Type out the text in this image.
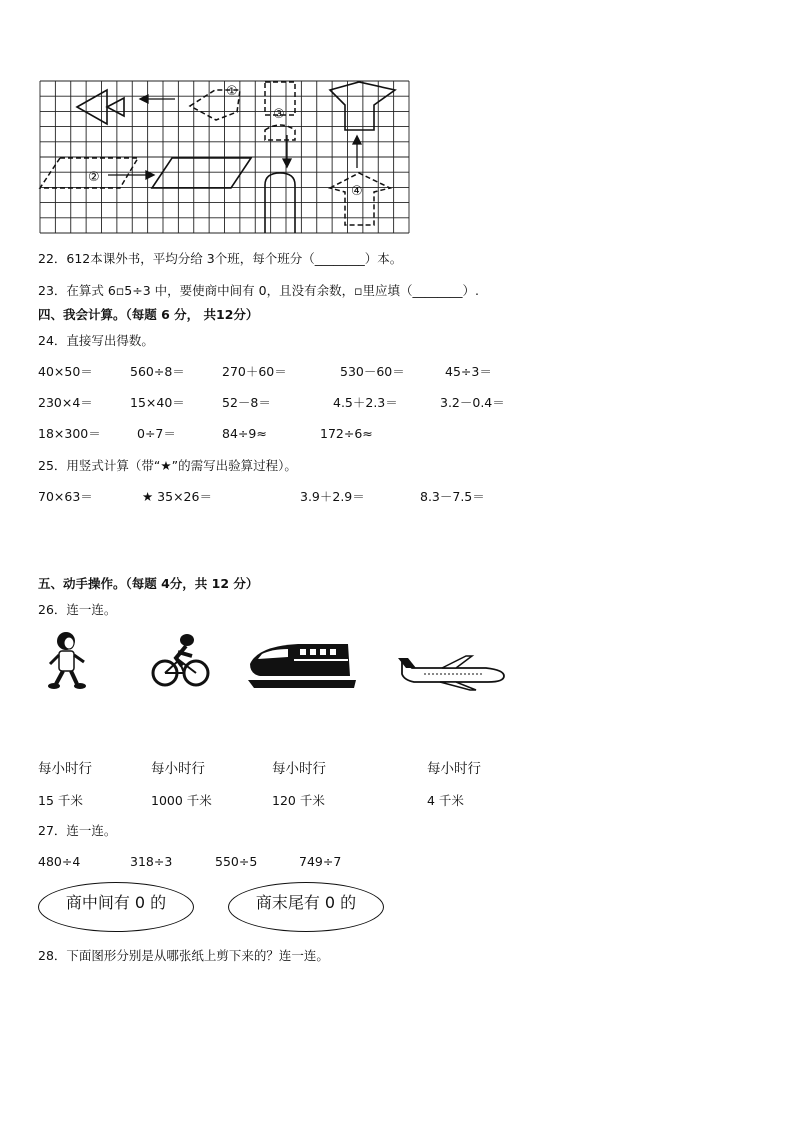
①
②
③
④
22．612本课外书，平均分给 3个班，每个班分（________）本。
23．在算式 6▫5÷3 中，要使商中间有 0，且没有余数，▫里应填（________）.
四、我会计算。（每题 6 分， 共12分）
24．直接写出得数。
40×50＝	560÷8＝	270＋60＝	530－60＝	45÷3＝
230×4＝	15×40＝	52－8＝	4.5＋2.3＝	3.2－0.4＝
18×300＝	0÷7＝	84÷9≈	172÷6≈
25．用竖式计算（带“★”的需写出验算过程）。
70×63＝	★ 35×26＝	3.9＋2.9＝	8.3－7.5＝
五、动手操作。（每题 4分，共 12 分）
26．连一连。
每小时行	每小时行	每小时行	每小时行
15 千米	1000 千米	120 千米	4 千米
27．连一连。
480÷4	318÷3	550÷5	749÷7
商中间有 0 的	商末尾有 0 的
28．下面图形分别是从哪张纸上剪下来的？连一连。
